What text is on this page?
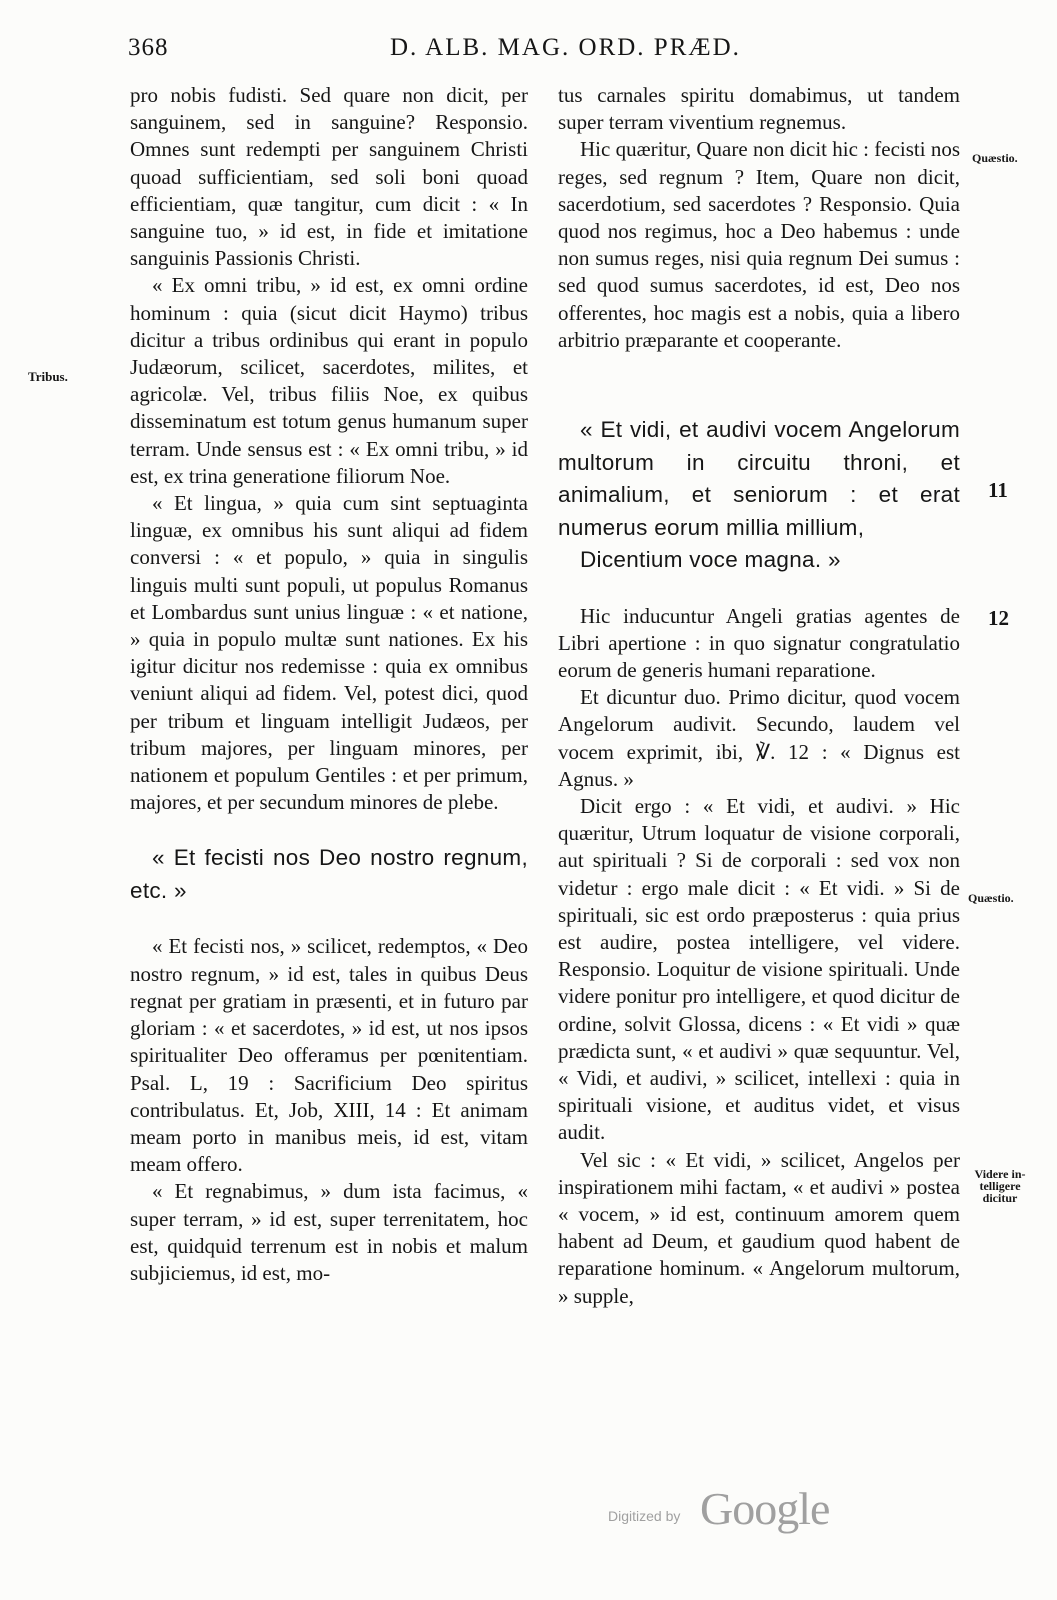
368	D. ALB. MAG. ORD. PRÆD.

pro nobis fudisti. Sed quare non dicit, per sanguinem, sed in sanguine? Responsio. Omnes sunt redempti per sanguinem Christi quoad sufficientiam, sed soli boni quoad efficientiam, quæ tangitur, cum dicit : « In sanguine tuo, » id est, in fide et imitatione sanguinis Passionis Christi.

« Ex omni tribu, » id est, ex omni ordine hominum : quia (sicut dicit Haymo) tribus dicitur a tribus ordinibus qui erant in populo Judæorum, scilicet, sacerdotes, milites, et agricolæ. Vel, tribus filiis Noe, ex quibus disseminatum est totum genus humanum super terram. Unde sensus est : « Ex omni tribu, » id est, ex trina generatione filiorum Noe.

« Et lingua, » quia cum sint septuaginta linguæ, ex omnibus his sunt aliqui ad fidem conversi : « et populo, » quia in singulis linguis multi sunt populi, ut populus Romanus et Lombardus sunt unius linguæ : « et natione, » quia in populo multæ sunt nationes. Ex his igitur dicitur nos redemisse : quia ex omnibus veniunt aliqui ad fidem. Vel, potest dici, quod per tribum et linguam intelligit Judæos, per tribum majores, per linguam minores, per nationem et populum Gentiles : et per primum, majores, et per secundum minores de plebe.

« Et fecisti nos Deo nostro regnum, etc. »

« Et fecisti nos, » scilicet, redemptos, « Deo nostro regnum, » id est, tales in quibus Deus regnat per gratiam in præsenti, et in futuro par gloriam : « et sacerdotes, » id est, ut nos ipsos spiritualiter Deo offeramus per pœnitentiam. Psal. L, 19 : Sacrificium Deo spiritus contribulatus. Et, Job, XIII, 14 : Et animam meam porto in manibus meis, id est, vitam meam offero.

« Et regnabimus, » dum ista facimus, « super terram, » id est, super terrenitatem, hoc est, quidquid terrenum est in nobis et malum subjiciemus, id est, mo-

tus carnales spiritu domabimus, ut tandem super terram viventium regnemus.

Hic quæritur, Quare non dicit hic : fecisti nos reges, sed regnum ? Item, Quare non dicit, sacerdotium, sed sacerdotes ? Responsio. Quia quod nos regimus, hoc a Deo habemus : unde non sumus reges, nisi quia regnum Dei sumus : sed quod sumus sacerdotes, id est, Deo nos offerentes, hoc magis est a nobis, quia a libero arbitrio præparante et cooperante.

« Et vidi, et audivi vocem Angelorum multorum in circuitu throni, et animalium, et seniorum : et erat numerus eorum millia millium,

Dicentium voce magna. »

Hic inducuntur Angeli gratias agentes de Libri apertione : in quo signatur congratulatio eorum de generis humani reparatione.

Et dicuntur duo. Primo dicitur, quod vocem Angelorum audivit. Secundo, laudem vel vocem exprimit, ibi, ℣. 12 : « Dignus est Agnus. »

Dicit ergo : « Et vidi, et audivi. » Hic quæritur, Utrum loquatur de visione corporali, aut spirituali ? Si de corporali : sed vox non videtur : ergo male dicit : « Et vidi. » Si de spirituali, sic est ordo præposterus : quia prius est audire, postea intelligere, vel videre. Responsio. Loquitur de visione spirituali. Unde videre ponitur pro intelligere, et quod dicitur de ordine, solvit Glossa, dicens : « Et vidi » quæ prædicta sunt, « et audivi » quæ sequuntur. Vel, « Vidi, et audivi, » scilicet, intellexi : quia in spirituali visione, et auditus videt, et visus audit.

Vel sic : « Et vidi, » scilicet, Angelos per inspirationem mihi factam, « et audivi » postea « vocem, » id est, continuum amorem quem habent ad Deum, et gaudium quod habent de reparatione hominum. « Angelorum multorum, » supple,

Tribus.
Quæstio.
11
12
Quæstio.
Videre in-
telligere
dicitur
Digitized by Google
